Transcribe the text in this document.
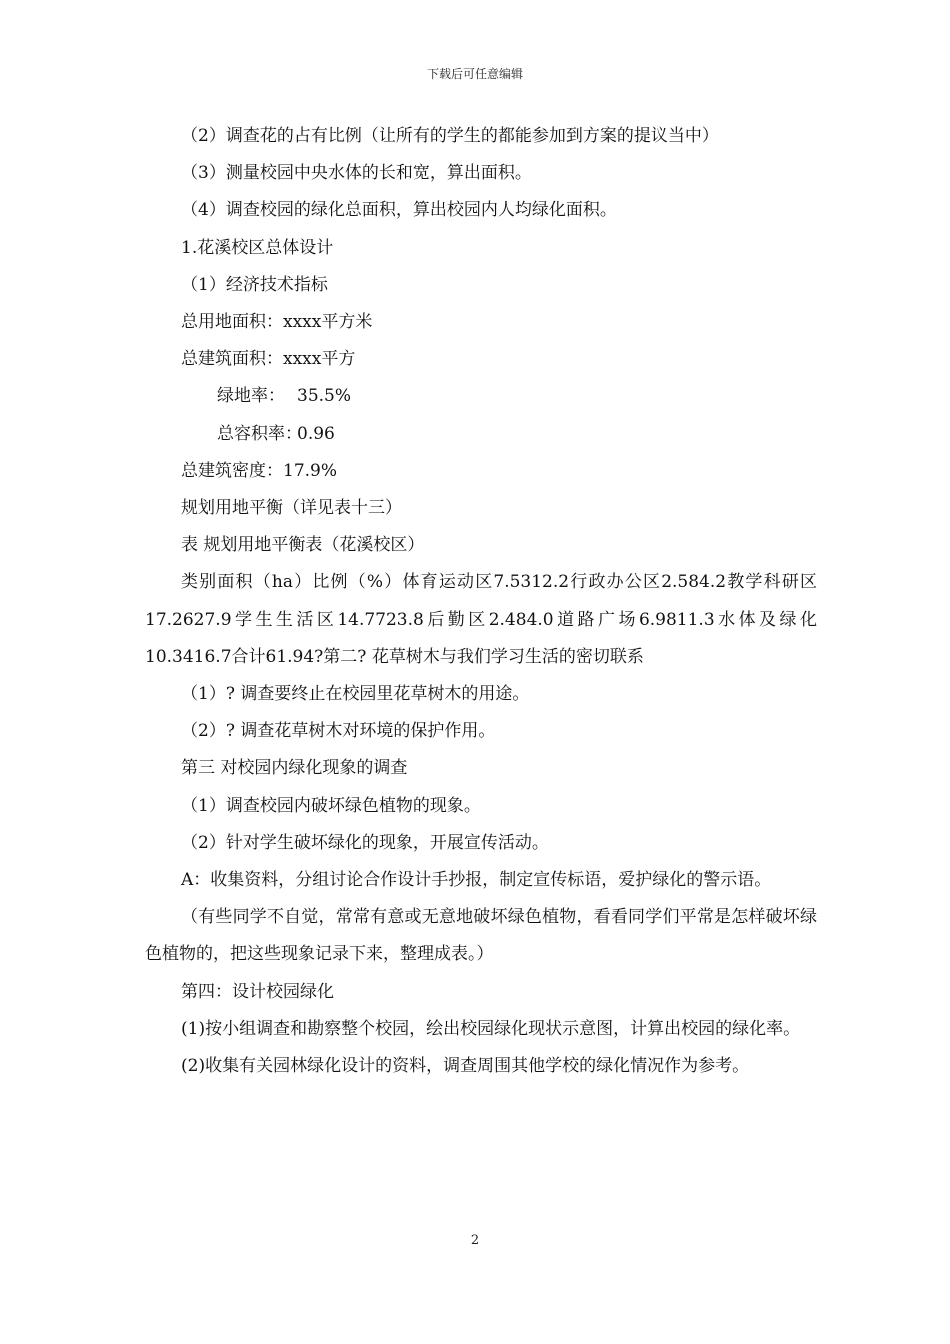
下载后可任意编辑

（2）调查花的占有比例（让所有的学生的都能参加到方案的提议当中）

（3）测量校园中央水体的长和宽，算出面积。

（4）调查校园的绿化总面积，算出校园内人均绿化面积。

1.花溪校区总体设计

（1）经济技术指标

总用地面积：xxxx平方米

总建筑面积：xxxx平方

绿地率： 35.5%

总容积率：0.96

总建筑密度：17.9%

规划用地平衡（详见表十三）

表 规划用地平衡表（花溪校区）

类别面积（ha）比例（%）体育运动区7.5312.2行政办公区2.584.2教学科研区17.2627.9学生生活区14.7723.8后勤区2.484.0道路广场6.9811.3水体及绿化10.3416.7合计61.94?第二? 花草树木与我们学习生活的密切联系

（1）? 调查要终止在校园里花草树木的用途。

（2）? 调查花草树木对环境的保护作用。

第三 对校园内绿化现象的调查

（1）调查校园内破坏绿色植物的现象。

（2）针对学生破坏绿化的现象，开展宣传活动。

A：收集资料，分组讨论合作设计手抄报，制定宣传标语，爱护绿化的警示语。

（有些同学不自觉，常常有意或无意地破坏绿色植物，看看同学们平常是怎样破坏绿色植物的，把这些现象记录下来，整理成表。）

第四：设计校园绿化

(1)按小组调查和勘察整个校园，绘出校园绿化现状示意图，计算出校园的绿化率。

(2)收集有关园林绿化设计的资料，调查周围其他学校的绿化情况作为参考。

2
